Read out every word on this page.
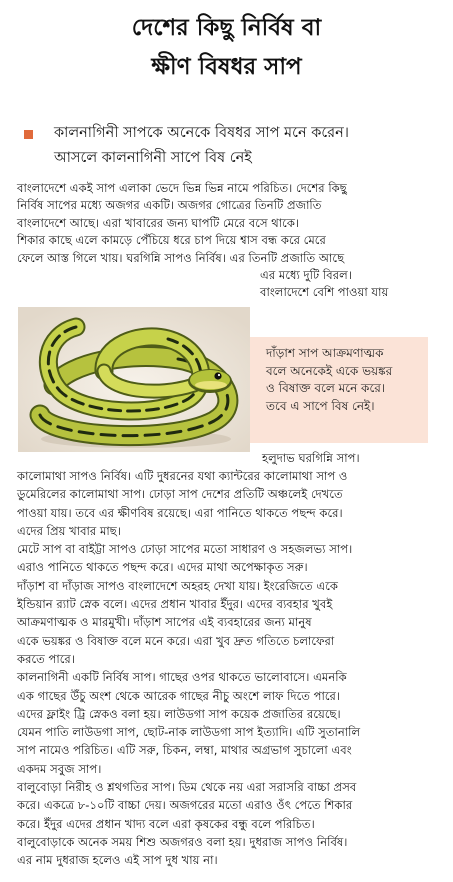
দেশের কিছু নির্বিষ বা
ক্ষীণ বিষধর সাপ
কালনাগিনী সাপকে অনেকে বিষধর সাপ মনে করেন।
আসলে কালনাগিনী সাপে বিষ নেই
বাংলাদেশে একই সাপ এলাকা ভেদে ভিন্ন ভিন্ন নামে পরিচিত। দেশের কিছু
নির্বিষ সাপের মধ্যে অজগর একটি। অজগর গোত্রের তিনটি প্রজাতি
বাংলাদেশে আছে। এরা খাবারের জন্য ঘাপটি মেরে বসে থাকে।
শিকার কাছে এলে কামড়ে পেঁচিয়ে ধরে চাপ দিয়ে শ্বাস বন্ধ করে মেরে
ফেলে আস্ত গিলে খায়। ঘরগিন্নি সাপও নির্বিষ। এর তিনটি প্রজাতি আছে
এর মধ্যে দুটি বিরল।
বাংলাদেশে বেশি পাওয়া যায়
দাঁড়াশ সাপ আক্রমণাত্মক
বলে অনেকেই একে ভয়ঙ্কর
ও বিষাক্ত বলে মনে করে।
তবে এ সাপে বিষ নেই।
হলুদাভ ঘরগিন্নি সাপ।
কালোমাথা সাপও নির্বিষ। এটি দুধরনের যথা ক্যান্টরের কালোমাথা সাপ ও
ডুমেরিলের কালোমাথা সাপ। ঢোড়া সাপ দেশের প্রতিটি অঞ্চলেই দেখতে
পাওয়া যায়। তবে এর ক্ষীণবিষ রয়েছে। এরা পানিতে থাকতে পছন্দ করে।
এদের প্রিয় খাবার মাছ।
মেটে সাপ বা বাইট্টা সাপও ঢোড়া সাপের মতো সাধারণ ও সহজলভ্য সাপ।
এরাও পানিতে থাকতে পছন্দ করে। এদের মাথা অপেক্ষাকৃত সরু।
দাঁড়াশ বা দাঁড়াজ সাপও বাংলাদেশে অহরহ দেখা যায়। ইংরেজিতে একে
ইন্ডিয়ান র‍্যাট স্নেক বলে। এদের প্রধান খাবার ইঁদুর। এদের ব্যবহার খুবই
আক্রমণাত্মক ও মারমুখী। দাঁড়াশ সাপের এই ব্যবহারের জন্য মানুষ
একে ভয়ঙ্কর ও বিষাক্ত বলে মনে করে। এরা খুব দ্রুত গতিতে চলাফেরা
করতে পারে।
কালনাগিনী একটি নির্বিষ সাপ। গাছের ওপর থাকতে ভালোবাসে। এমনকি
এক গাছের উঁচু অংশ থেকে আরেক গাছের নীচু অংশে লাফ দিতে পারে।
এদের ফ্লাইং ট্রি স্নেকও বলা হয়। লাউডগা সাপ কয়েক প্রজাতির রয়েছে।
যেমন পাতি লাউডগা সাপ, ছোট-নাক লাউডগা সাপ ইত্যাদি। এটি সুতানালি
সাপ নামেও পরিচিত। এটি সরু, চিকন, লম্বা, মাথার অগ্রভাগ সুচালো এবং
একদম সবুজ সাপ।
বালুবোড়া নিরীহ ও শ্লথগতির সাপ। ডিম থেকে নয় এরা সরাসরি বাচ্চা প্রসব
করে। একত্রে ৮-১০টি বাচ্চা দেয়। অজগরের মতো এরাও ওঁৎ পেতে শিকার
করে। ইঁদুর এদের প্রধান খাদ্য বলে এরা কৃষকের বন্ধু বলে পরিচিত।
বালুবোড়াকে অনেক সময় শিশু অজগরও বলা হয়। দুধরাজ সাপও নির্বিষ।
এর নাম দুধরাজ হলেও এই সাপ দুধ খায় না।
